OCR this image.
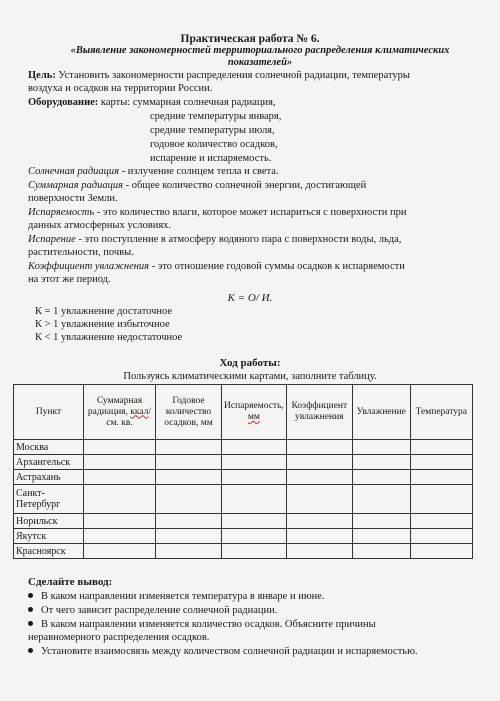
Практическая работа № 6.
«Выявление закономерностей территориального распределения климатических
показателей»
Цель: Установить закономерности распределения солнечной радиации, температуры
воздуха и осадков на территории России.
Оборудование: карты: суммарная солнечная радиация,
средние температуры января,
средние температуры июля,
годовое количество осадков,
испарение и испаряемость.
Солнечная радиация - излучение солнцем тепла и света.
Суммарная радиация - общее количество солнечной энергии, достигающей
поверхности Земли.
Испаряемость - это количество влаги, которое может испариться с поверхности при
данных атмосферных условиях.
Испарение - это поступление в атмосферу водяного пара с поверхности воды, льда,
растительности, почвы.
Коэффициент увлажнения - это отношение годовой суммы осадков к испаряемости
на этот же период.
К = О/ И.
К = 1 увлажнение достаточное
К > 1 увлажнение избыточное
К < 1 увлажнение недостаточное
Ход работы:
Пользуясь климатическими картами, заполните таблицу.
Пункт	Суммарная радиация, ккал/см. кв.	Годовое количество осадков, мм	Испаряемость, мм	Коэффициент увлажнения	Увлажнение	Температура
Москва						
Архангельск						
Астрахань						
Санкт-Петербург						
Норильск						
Якутск						
Красноярск						
Сделайте вывод:
В каком направлении изменяется температура в январе и июне.
От чего зависит распределение солнечной радиации.
В каком направлении изменяется количество осадков. Объясните причины
неравномерного распределения осадков.
Установите взаимосвязь между количеством солнечной радиации и испаряемостью.
